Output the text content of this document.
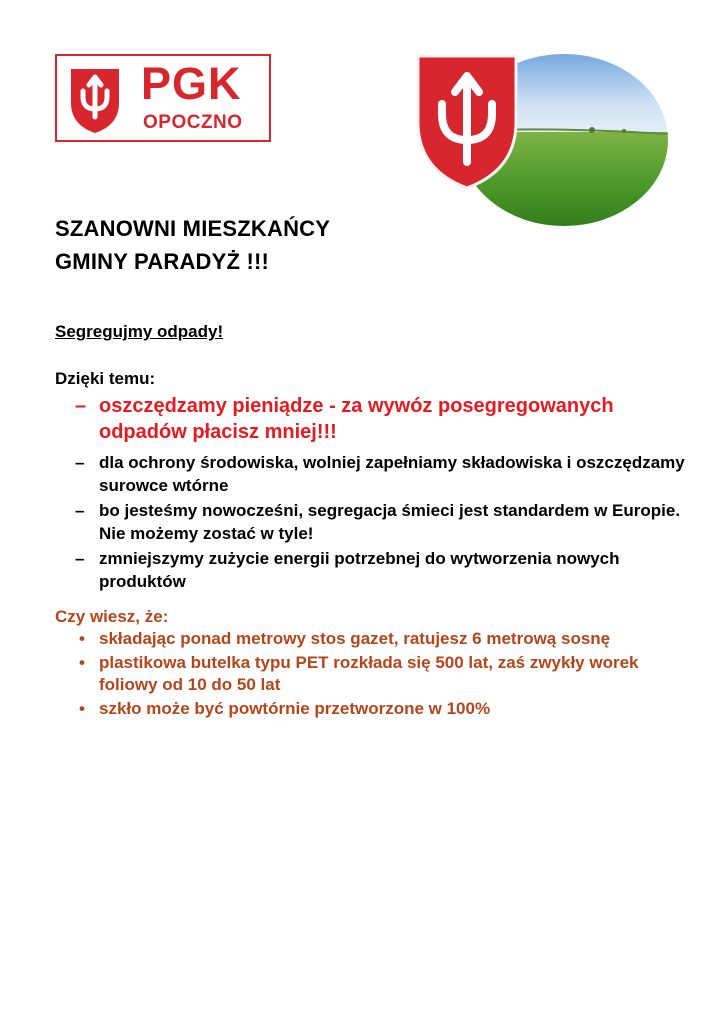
PGK
OPOCZNO
SZANOWNI MIESZKAŃCY
GMINY PARADYŻ !!!
Segregujmy odpady!
Dzięki temu:
– oszczędzamy pieniądze - za wywóz posegregowanych odpadów płacisz mniej!!!
– dla ochrony środowiska, wolniej zapełniamy składowiska i oszczędzamy surowce wtórne
– bo jesteśmy nowocześni, segregacja śmieci jest standardem w Europie. Nie możemy zostać w tyle!
– zmniejszymy zużycie energii potrzebnej do wytworzenia nowych produktów
Czy wiesz, że:
• składając ponad metrowy stos gazet, ratujesz 6 metrową sosnę
• plastikowa butelka typu PET rozkłada się 500 lat, zaś zwykły worek foliowy od 10 do 50 lat
• szkło może być powtórnie przetworzone w 100%
